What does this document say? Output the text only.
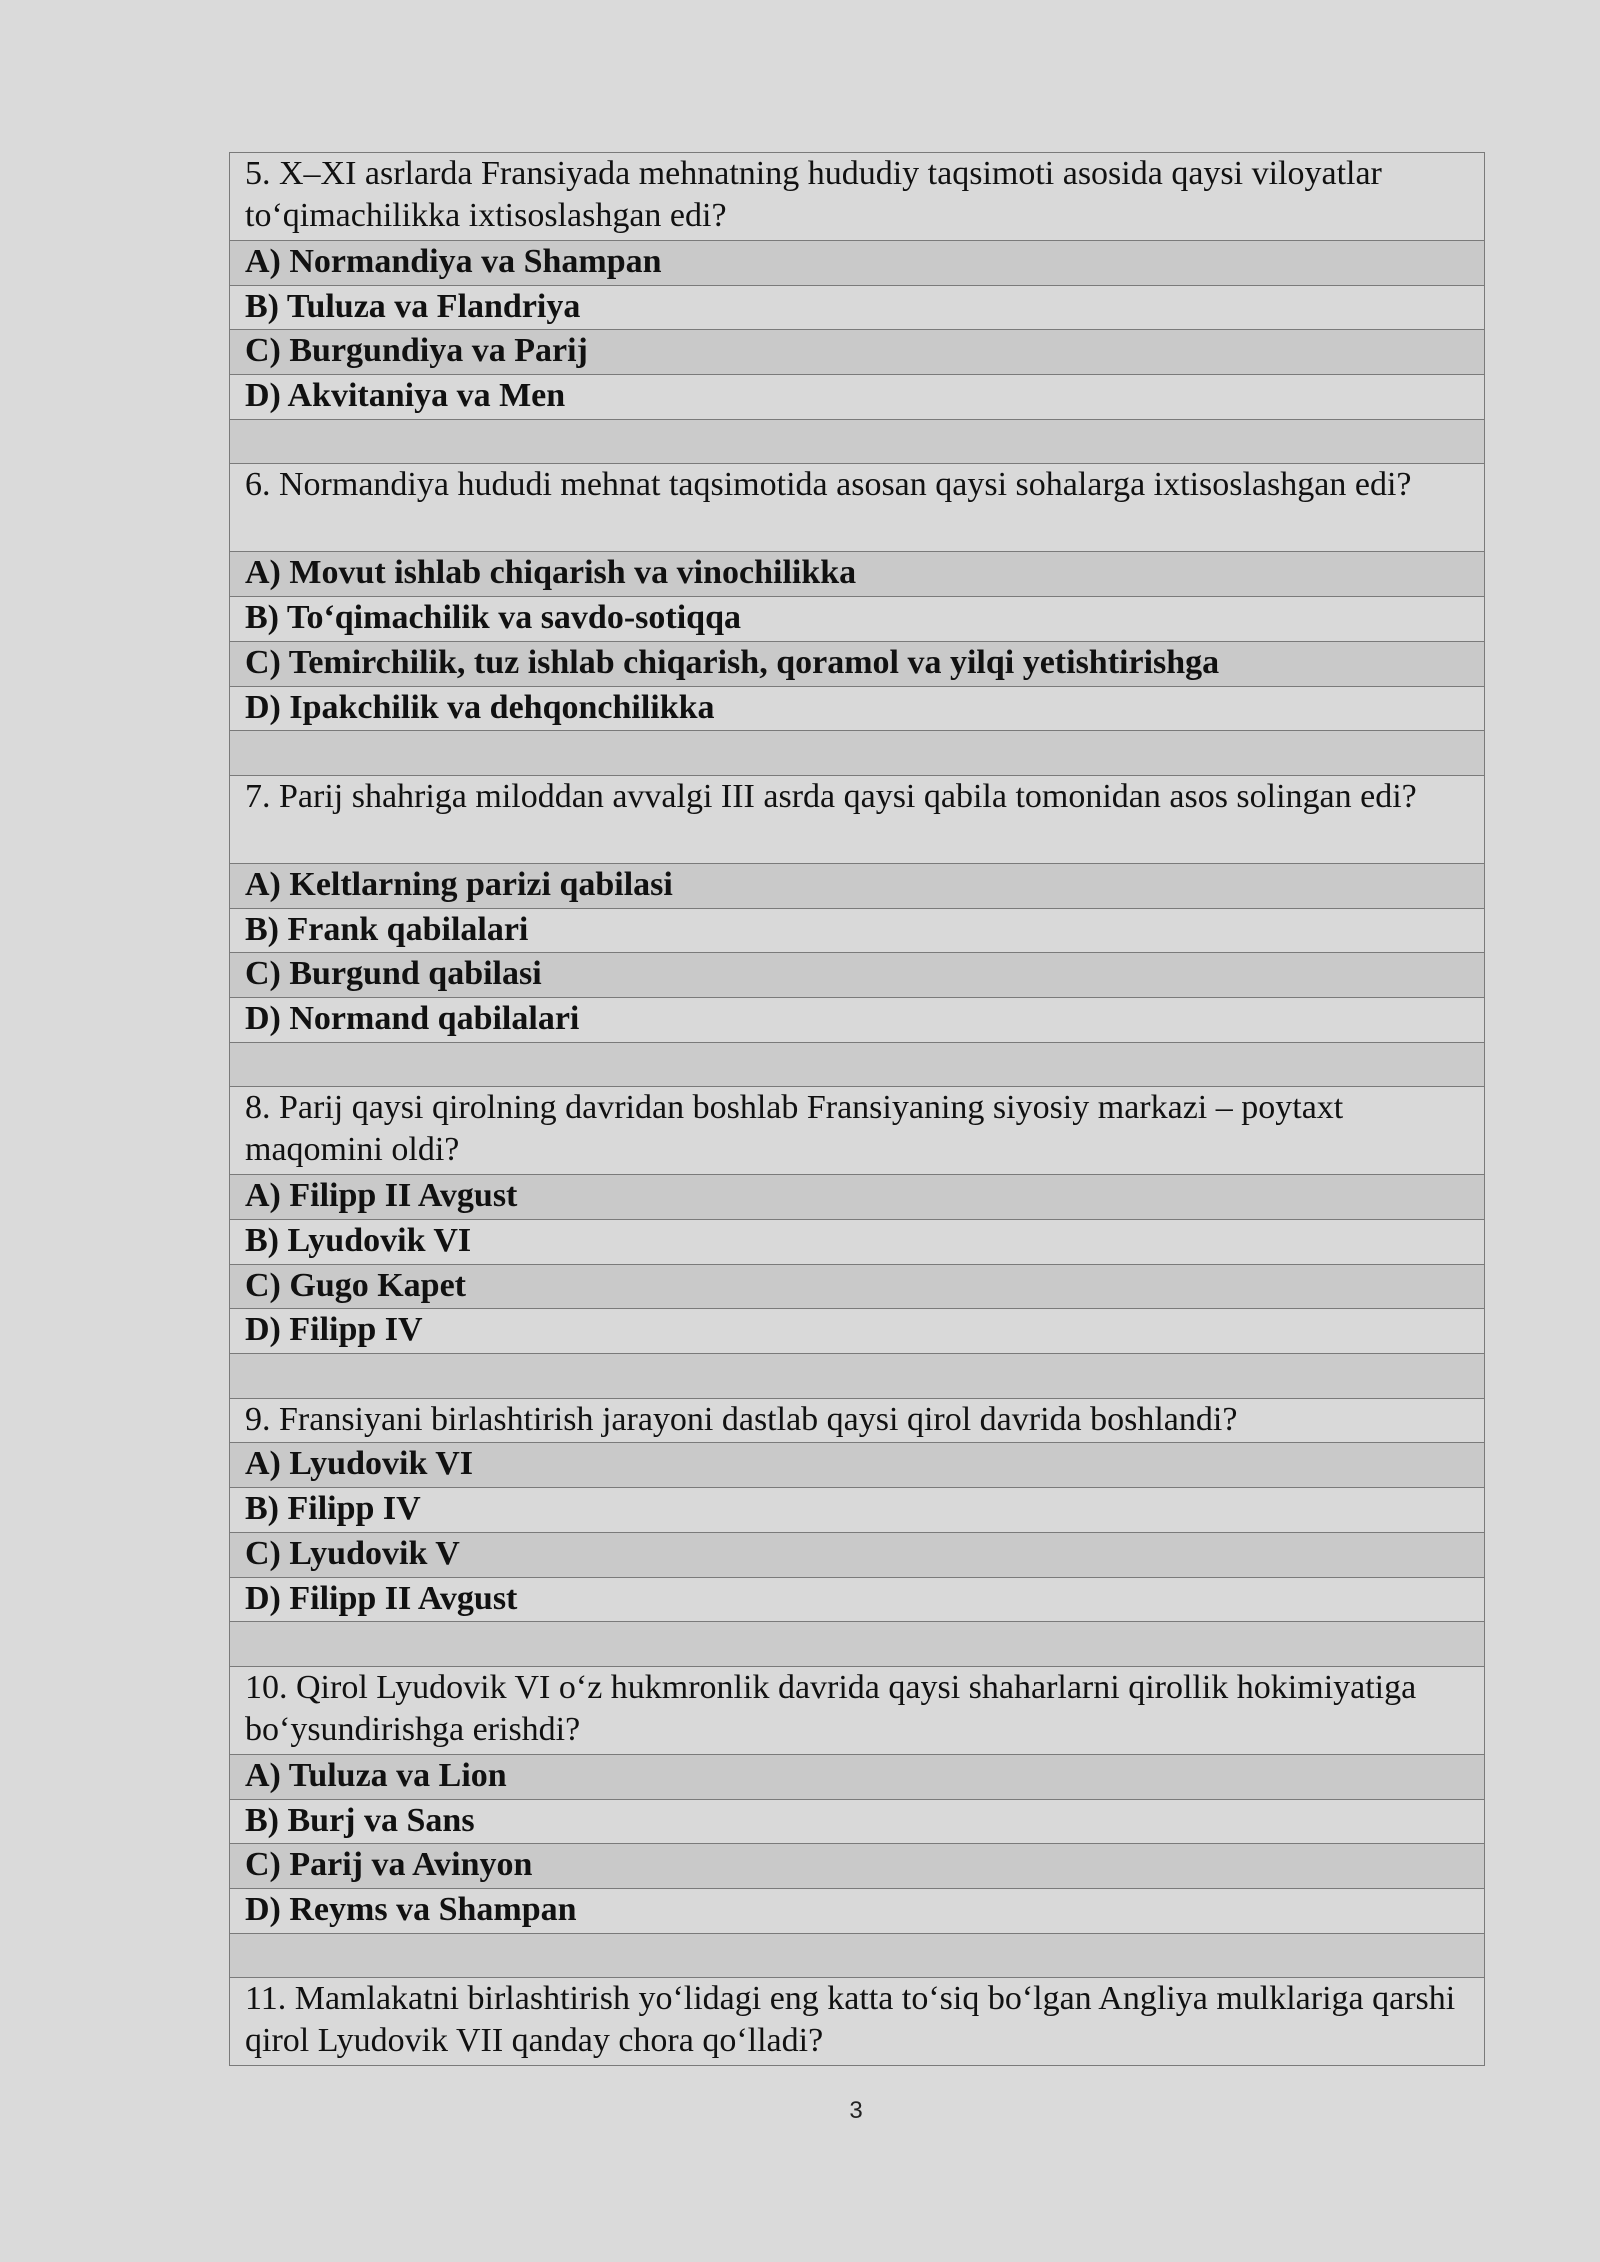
5. X–XI asrlarda Fransiyada mehnatning hududiy taqsimoti asosida qaysi viloyatlar to‘qimachilikka ixtisoslashgan edi?
A) Normandiya va Shampan
B) Tuluza va Flandriya
C) Burgundiya va Parij
D) Akvitaniya va Men

6. Normandiya hududi mehnat taqsimotida asosan qaysi sohalarga ixtisoslashgan edi?
A) Movut ishlab chiqarish va vinochilikka
B) To‘qimachilik va savdo-sotiqqa
C) Temirchilik, tuz ishlab chiqarish, qoramol va yilqi yetishtirishga
D) Ipakchilik va dehqonchilikka

7. Parij shahriga miloddan avvalgi III asrda qaysi qabila tomonidan asos solingan edi?
A) Keltlarning parizi qabilasi
B) Frank qabilalari
C) Burgund qabilasi
D) Normand qabilalari

8. Parij qaysi qirolning davridan boshlab Fransiyaning siyosiy markazi – poytaxt maqomini oldi?
A) Filipp II Avgust
B) Lyudovik VI
C) Gugo Kapet
D) Filipp IV

9. Fransiyani birlashtirish jarayoni dastlab qaysi qirol davrida boshlandi?
A) Lyudovik VI
B) Filipp IV
C) Lyudovik V
D) Filipp II Avgust

10. Qirol Lyudovik VI o‘z hukmronlik davrida qaysi shaharlarni qirollik hokimiyatiga bo‘ysundirishga erishdi?
A) Tuluza va Lion
B) Burj va Sans
C) Parij va Avinyon
D) Reyms va Shampan

11. Mamlakatni birlashtirish yo‘lidagi eng katta to‘siq bo‘lgan Angliya mulklariga qarshi qirol Lyudovik VII qanday chora qo‘lladi?
3
